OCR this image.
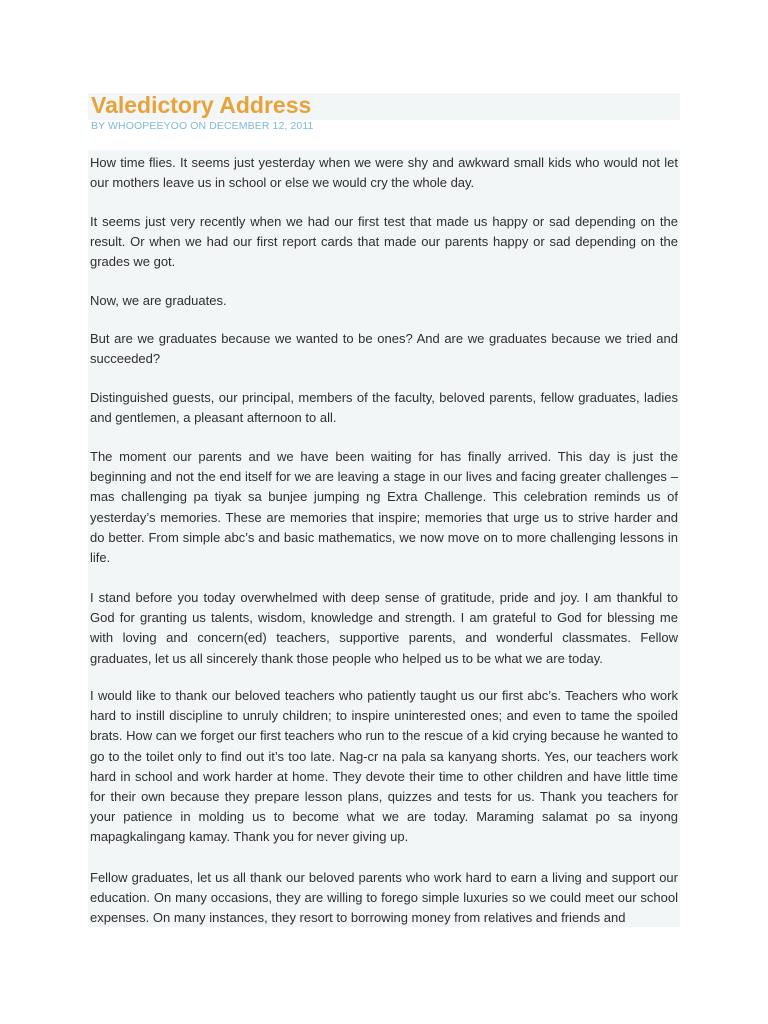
Valedictory Address

BY WHOOPEEYOO ON DECEMBER 12, 2011

How time flies. It seems just yesterday when we were shy and awkward small kids who would not let our mothers leave us in school or else we would cry the whole day.

It seems just very recently when we had our first test that made us happy or sad depending on the result. Or when we had our first report cards that made our parents happy or sad depending on the grades we got.

Now, we are graduates.

But are we graduates because we wanted to be ones? And are we graduates because we tried and succeeded?

Distinguished guests, our principal, members of the faculty, beloved parents, fellow graduates, ladies and gentlemen, a pleasant afternoon to all.

The moment our parents and we have been waiting for has finally arrived. This day is just the beginning and not the end itself for we are leaving a stage in our lives and facing greater challenges – mas challenging pa tiyak sa bunjee jumping ng Extra Challenge. This celebration reminds us of yesterday’s memories. These are memories that inspire; memories that urge us to strive harder and do better. From simple abc’s and basic mathematics, we now move on to more challenging lessons in life.

I stand before you today overwhelmed with deep sense of gratitude, pride and joy. I am thankful to God for granting us talents, wisdom, knowledge and strength. I am grateful to God for blessing me with loving and concern(ed) teachers, supportive parents, and wonderful classmates. Fellow graduates, let us all sincerely thank those people who helped us to be what we are today.

I would like to thank our beloved teachers who patiently taught us our first abc’s. Teachers who work hard to instill discipline to unruly children; to inspire uninterested ones; and even to tame the spoiled brats. How can we forget our first teachers who run to the rescue of a kid crying because he wanted to go to the toilet only to find out it’s too late. Nag-cr na pala sa kanyang shorts. Yes, our teachers work hard in school and work harder at home. They devote their time to other children and have little time for their own because they prepare lesson plans, quizzes and tests for us. Thank you teachers for your patience in molding us to become what we are today. Maraming salamat po sa inyong mapagkalingang kamay. Thank you for never giving up.

Fellow graduates, let us all thank our beloved parents who work hard to earn a living and support our education. On many occasions, they are willing to forego simple luxuries so we could meet our school expenses. On many instances, they resort to borrowing money from relatives and friends and
